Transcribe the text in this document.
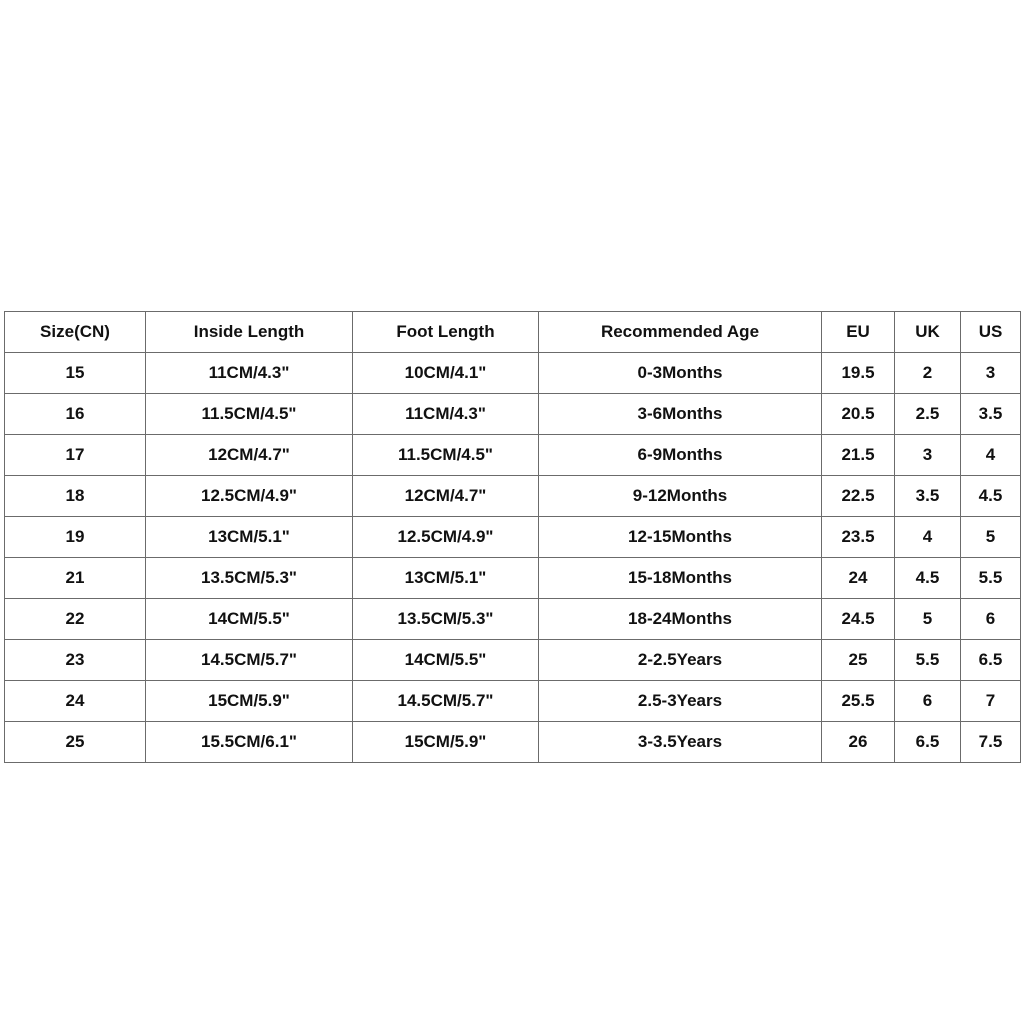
Size(CN)	Inside Length	Foot Length	Recommended Age	EU	UK	US
15	11CM/4.3"	10CM/4.1"	0-3Months	19.5	2	3
16	11.5CM/4.5"	11CM/4.3"	3-6Months	20.5	2.5	3.5
17	12CM/4.7"	11.5CM/4.5"	6-9Months	21.5	3	4
18	12.5CM/4.9"	12CM/4.7"	9-12Months	22.5	3.5	4.5
19	13CM/5.1"	12.5CM/4.9"	12-15Months	23.5	4	5
21	13.5CM/5.3"	13CM/5.1"	15-18Months	24	4.5	5.5
22	14CM/5.5"	13.5CM/5.3"	18-24Months	24.5	5	6
23	14.5CM/5.7"	14CM/5.5"	2-2.5Years	25	5.5	6.5
24	15CM/5.9"	14.5CM/5.7"	2.5-3Years	25.5	6	7
25	15.5CM/6.1"	15CM/5.9"	3-3.5Years	26	6.5	7.5
